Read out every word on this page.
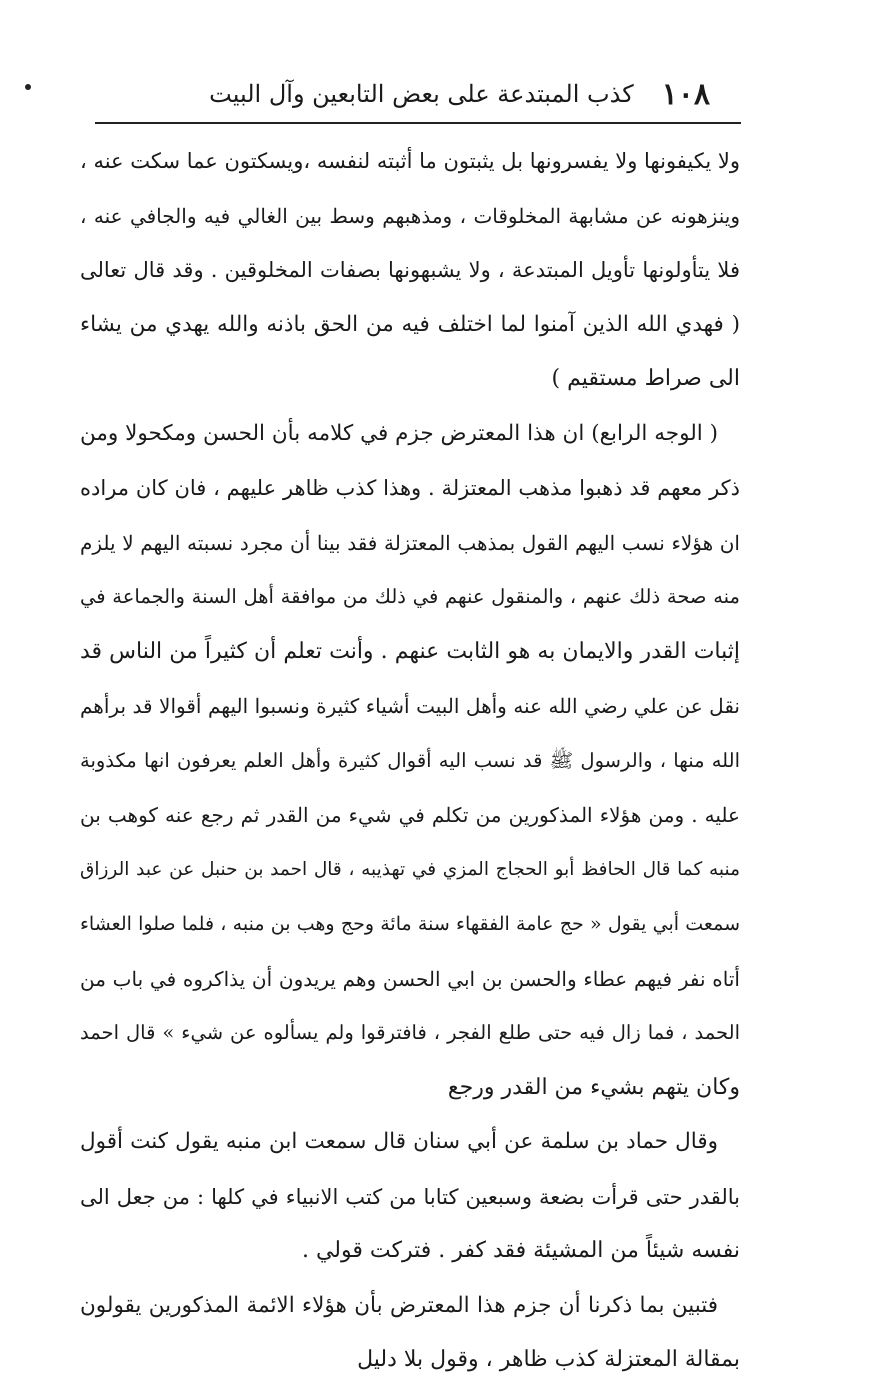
١٠٨
كذب المبتدعة على بعض التابعين وآل البيت
ولا يكيفونها ولا يفسرونها بل يثبتون ما أثبته لنفسه ،ويسكتون عما سكت عنه ،
وينزهونه عن مشابهة المخلوقات ، ومذهبهم وسط بين الغالي فيه والجافي عنه ،
فلا يتأولونها تأويل المبتدعة ، ولا يشبهونها بصفات المخلوقين . وقد قال تعالى
( فهدي الله الذين آمنوا لما اختلف فيه من الحق باذنه والله يهدي من يشاء
الى صراط مستقيم )
( الوجه الرابع) ان هذا المعترض جزم في كلامه بأن الحسن ومكحولا ومن
ذكر معهم قد ذهبوا مذهب المعتزلة . وهذا كذب ظاهر عليهم ، فان كان مراده
ان هؤلاء نسب اليهم القول بمذهب المعتزلة فقد بينا أن مجرد نسبته اليهم لا يلزم
منه صحة ذلك عنهم ، والمنقول عنهم في ذلك من موافقة أهل السنة والجماعة في
إثبات القدر والايمان به هو الثابت عنهم . وأنت تعلم أن كثيراً من الناس قد
نقل عن علي رضي الله عنه وأهل البيت أشياء كثيرة ونسبوا اليهم أقوالا قد برأهم
الله منها ، والرسول ﷺ قد نسب اليه أقوال كثيرة وأهل العلم يعرفون انها مكذوبة
عليه . ومن هؤلاء المذكورين من تكلم في شيء من القدر ثم رجع عنه كوهب بن
منبه كما قال الحافظ أبو الحجاج المزي في تهذيبه ، قال احمد بن حنبل عن عبد الرزاق
سمعت أبي يقول « حج عامة الفقهاء سنة مائة وحج وهب بن منبه ، فلما صلوا العشاء
أتاه نفر فيهم عطاء والحسن بن ابي الحسن وهم يريدون أن يذاكروه في باب من
الحمد ، فما زال فيه حتى طلع الفجر ، فافترقوا ولم يسألوه عن شيء » قال احمد
وكان يتهم بشيء من القدر ورجع
وقال حماد بن سلمة عن أبي سنان قال سمعت ابن منبه يقول كنت أقول
بالقدر حتى قرأت بضعة وسبعين كتابا من كتب الانبياء في كلها : من جعل الى
نفسه شيئاً من المشيئة فقد كفر . فتركت قولي .
فتبين بما ذكرنا أن جزم هذا المعترض بأن هؤلاء الائمة المذكورين يقولون
بمقالة المعتزلة كذب ظاهر ، وقول بلا دليل
